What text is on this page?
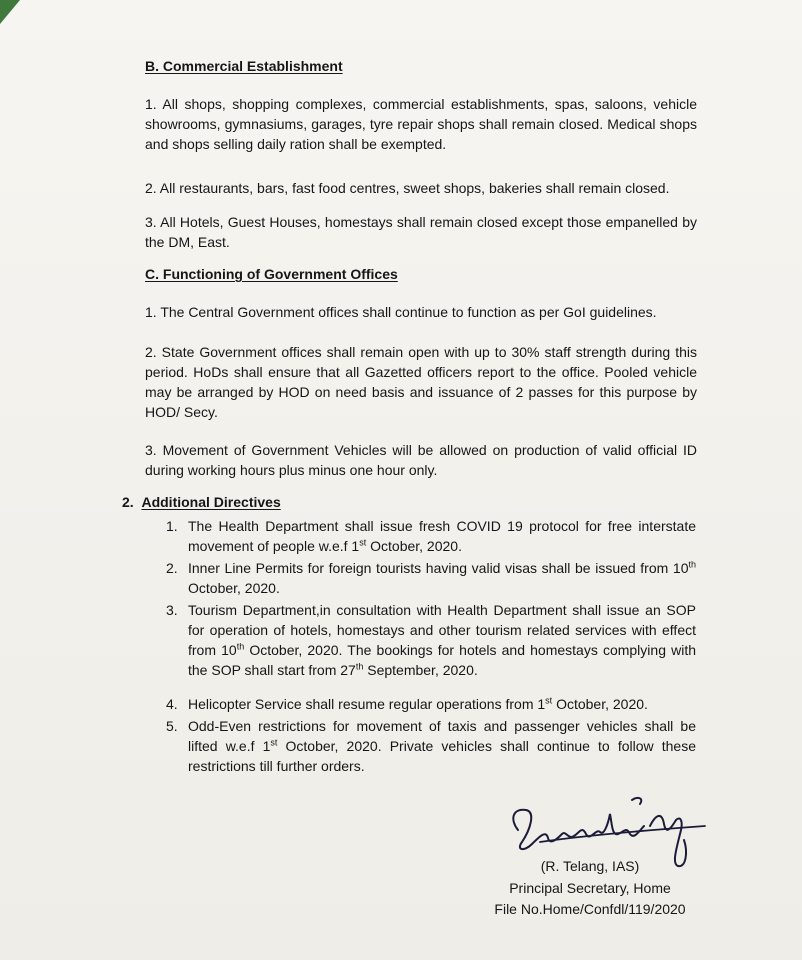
B. Commercial Establishment

1. All shops, shopping complexes, commercial establishments, spas, saloons, vehicle showrooms, gymnasiums, garages, tyre repair shops shall remain closed. Medical shops and shops selling daily ration shall be exempted.

2. All restaurants, bars, fast food centres, sweet shops, bakeries shall remain closed.

3. All Hotels, Guest Houses, homestays shall remain closed except those empanelled by the DM, East.

C. Functioning of Government Offices

1. The Central Government offices shall continue to function as per GoI guidelines.

2. State Government offices shall remain open with up to 30% staff strength during this period. HoDs shall ensure that all Gazetted officers report to the office. Pooled vehicle may be arranged by HOD on need basis and issuance of 2 passes for this purpose by HOD/ Secy.

3. Movement of Government Vehicles will be allowed on production of valid official ID during working hours plus minus one hour only.

2. Additional Directives

1. The Health Department shall issue fresh COVID 19 protocol for free interstate movement of people w.e.f 1st October, 2020.

2. Inner Line Permits for foreign tourists having valid visas shall be issued from 10th October, 2020.

3. Tourism Department,in consultation with Health Department shall issue an SOP for operation of hotels, homestays and other tourism related services with effect from 10th October, 2020. The bookings for hotels and homestays complying with the SOP shall start from 27th September, 2020.

4. Helicopter Service shall resume regular operations from 1st October, 2020.

5. Odd-Even restrictions for movement of taxis and passenger vehicles shall be lifted w.e.f 1st October, 2020. Private vehicles shall continue to follow these restrictions till further orders.

(R. Telang, IAS)

Principal Secretary, Home

File No.Home/Confdl/119/2020
